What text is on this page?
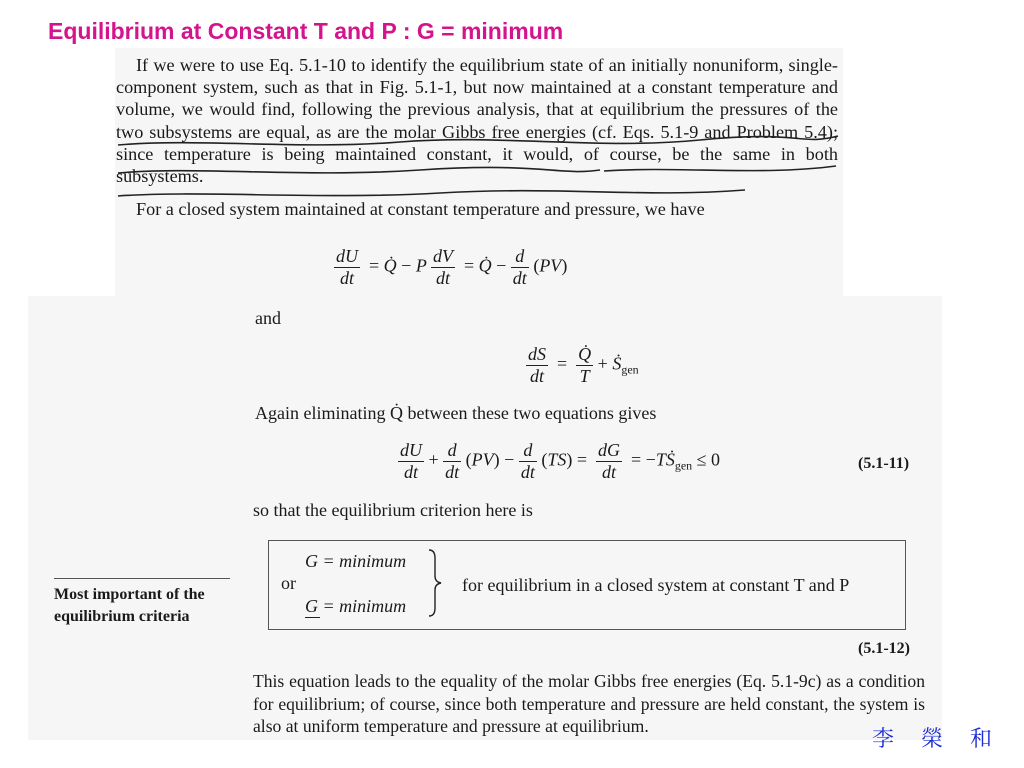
Equilibrium at Constant T and P : G = minimum
If we were to use Eq. 5.1-10 to identify the equilibrium state of an initially nonuniform, single-component system, such as that in Fig. 5.1-1, but now maintained at a constant temperature and volume, we would find, following the previous analysis, that at equilibrium the pressures of the two subsystems are equal, as are the molar Gibbs free energies (cf. Eqs. 5.1-9 and Problem 5.4); since temperature is being maintained constant, it would, of course, be the same in both subsystems.
For a closed system maintained at constant temperature and pressure, we have
$\frac{dU}{dt}$ = Q̇ − P $\frac{dV}{dt}$ = Q̇ − $\frac{d}{dt} (PV)$
and
$\frac{dS}{dt} = \frac{Q̇}{T}$ + $Ṡ_{gen}$
Again eliminating Q̇ between these two equations gives
$\frac{dU}{dt} + \frac{d}{dt} (PV) - \frac{d}{dt} (TS) = \frac{dG}{dt}$ = $-TṠ_{gen} \le 0$	(5.1-11)
so that the equilibrium criterion here is
G = minimum
or
G = minimum
for equilibrium in a closed system at constant T and P
(5.1-12)
Most important of the equilibrium criteria
This equation leads to the equality of the molar Gibbs free energies (Eq. 5.1-9c) as a condition for equilibrium; of course, since both temperature and pressure are held constant, the system is also at uniform temperature and pressure at equilibrium.
李 榮 和
